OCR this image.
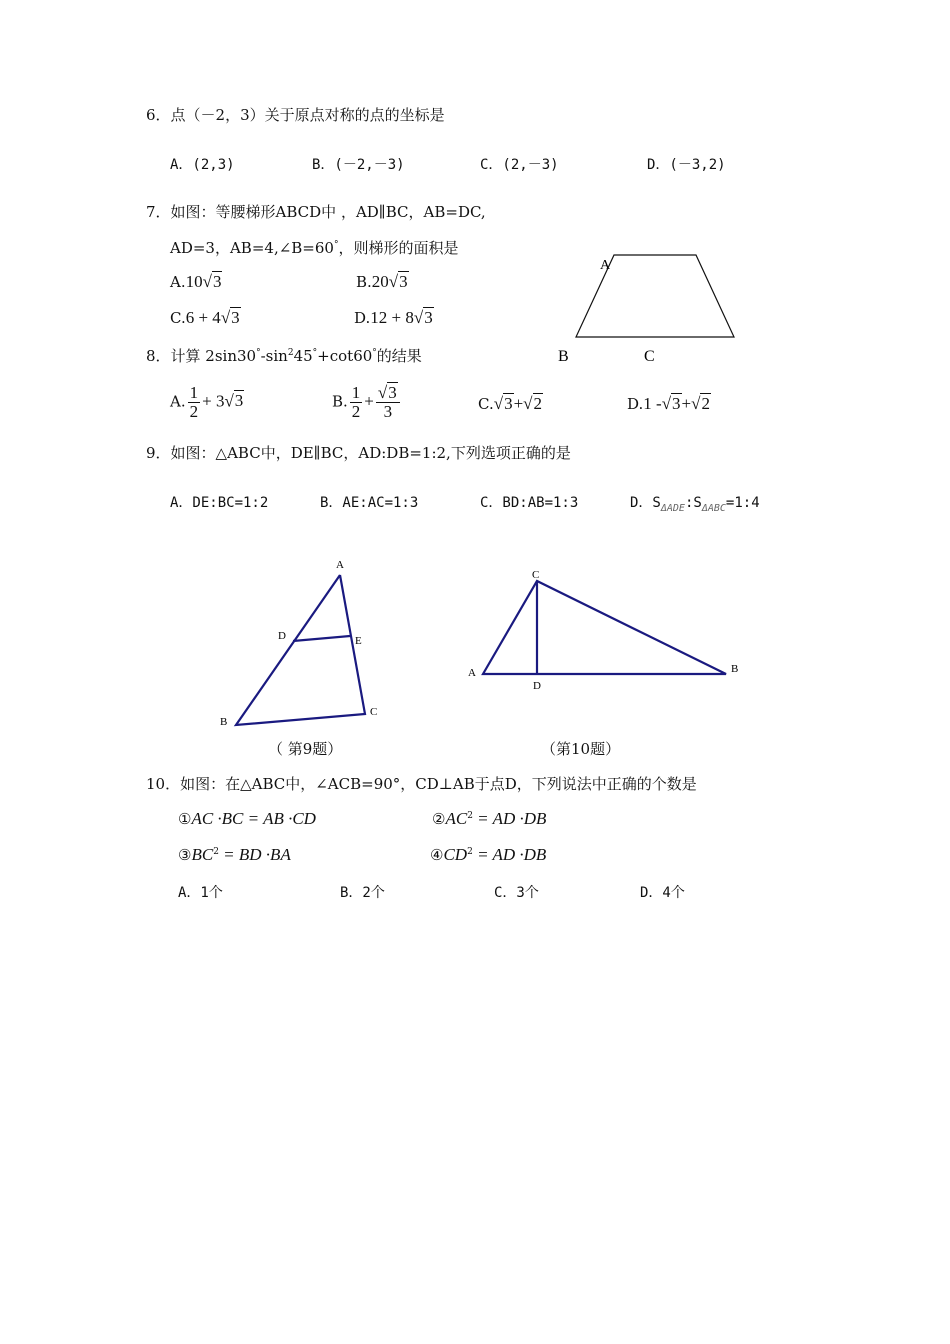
6．点（－2，3）关于原点对称的点的坐标是
A．(2,3)	B．(－2,－3)	C．(2,－3)	D．(－3,2)
7．如图：等腰梯形ABCD中 ，AD∥BC，AB=DC,
AD=3，AB=4,∠B=60°，则梯形的面积是
A.10√3	B.20√3
C.6 + 4√3	D.12 + 8√3
A
B	C
8．计算 $2\sin 30^\circ-\sin^245^\circ+\cot 60^\circ$的结果
A. $\frac{1}{2} + 3√3$	B. $\frac{1}{2} + \frac{√3}{3}$	C.√3+√2	D.1 -√3+√2
9．如图：△ABC中，DE∥BC，AD:DB=1:2,下列选项正确的是
A．DE:BC=1:2	B．AE:AC=1:3	C．BD:AB=1:3	D．$S_{\Delta ADE}:S_{\Delta ABC}=1:4$
A
B
C
D	E
（ 第9题）
A	B
C
D
（第10题）
10．如图：在△ABC中，∠ACB=90°，CD⊥AB于点D，下列说法中正确的个数是
①AC ·BC = AB ·CD	$②AC^2$ = AD ·DB
$③BC^2$ = BD ·BA	$④CD^2$ = AD ·DB
A．1个	B．2个	C．3个	D．4个
